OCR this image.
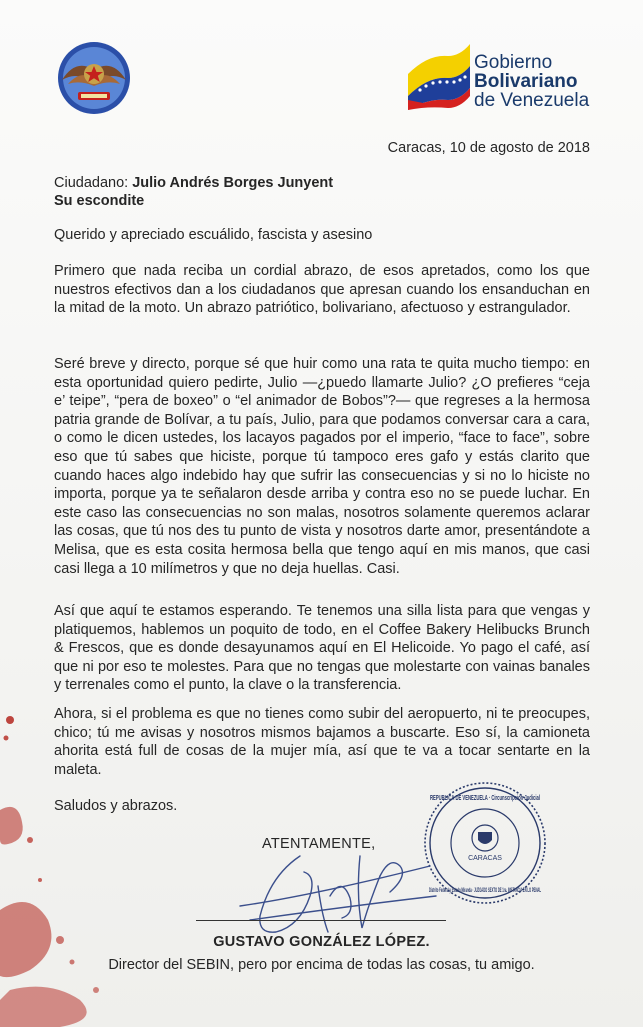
Gobierno
Bolivariano
de Venezuela
Caracas, 10 de agosto de 2018
Ciudadano: Julio Andrés Borges Junyent
Su escondite
Querido y apreciado escuálido, fascista y asesino
Primero que nada reciba un cordial abrazo, de esos apretados, como los que nuestros efectivos dan a los ciudadanos que apresan cuando los ensanduchan en la mitad de la moto. Un abrazo patriótico, bolivariano, afectuoso y estrangulador.
Seré breve y directo, porque sé que huir como una rata te quita mucho tiempo: en esta oportunidad quiero pedirte, Julio —¿puedo llamarte Julio? ¿O prefieres “ceja e’ teipe”, “pera de boxeo” o “el animador de Bobos”?— que regreses a la hermosa patria grande de Bolívar, a tu país, Julio, para que podamos conversar cara a cara, o como le dicen ustedes, los lacayos pagados por el imperio, “face to face”, sobre eso que tú sabes que hiciste, porque tú tampoco eres gafo y estás clarito que cuando haces algo indebido hay que sufrir las consecuencias y si no lo hiciste no importa, porque ya te señalaron desde arriba y contra eso no se puede luchar. En este caso las consecuencias no son malas, nosotros solamente queremos aclarar las cosas, que tú nos des tu punto de vista y nosotros darte amor, presentándote a Melisa, que es esta cosita hermosa bella que tengo aquí en mis manos, que casi casi llega a 10 milímetros y que no deja huellas. Casi.
Así que aquí te estamos esperando. Te tenemos una silla lista para que vengas y platiquemos, hablemos un poquito de todo, en el Coffee Bakery Helibucks Brunch & Frescos, que es donde desayunamos aquí en El Helicoide. Yo pago el café, así que ni por eso te molestes. Para que no tengas que molestarte con vainas banales y terrenales como el punto, la clave o la transferencia.
Ahora, si el problema es que no tienes como subir del aeropuerto, ni te preocupes, chico; tú me avisas y nosotros mismos bajamos a buscarte. Eso sí, la camioneta ahorita está full de cosas de la mujer mía, así que te va a tocar sentarte en la maleta.
Saludos y abrazos.
ATENTAMENTE,
CARACAS
REPUBLICA DE VENEZUELA · Circunscripción Judicial
Distrito Federal y Estado Miranda · JUZGADO SEXTO DE 1ra. INSTANCIA EN LO PENAL
GUSTAVO GONZÁLEZ LÓPEZ.
Director del SEBIN, pero por encima de todas las cosas, tu amigo.
